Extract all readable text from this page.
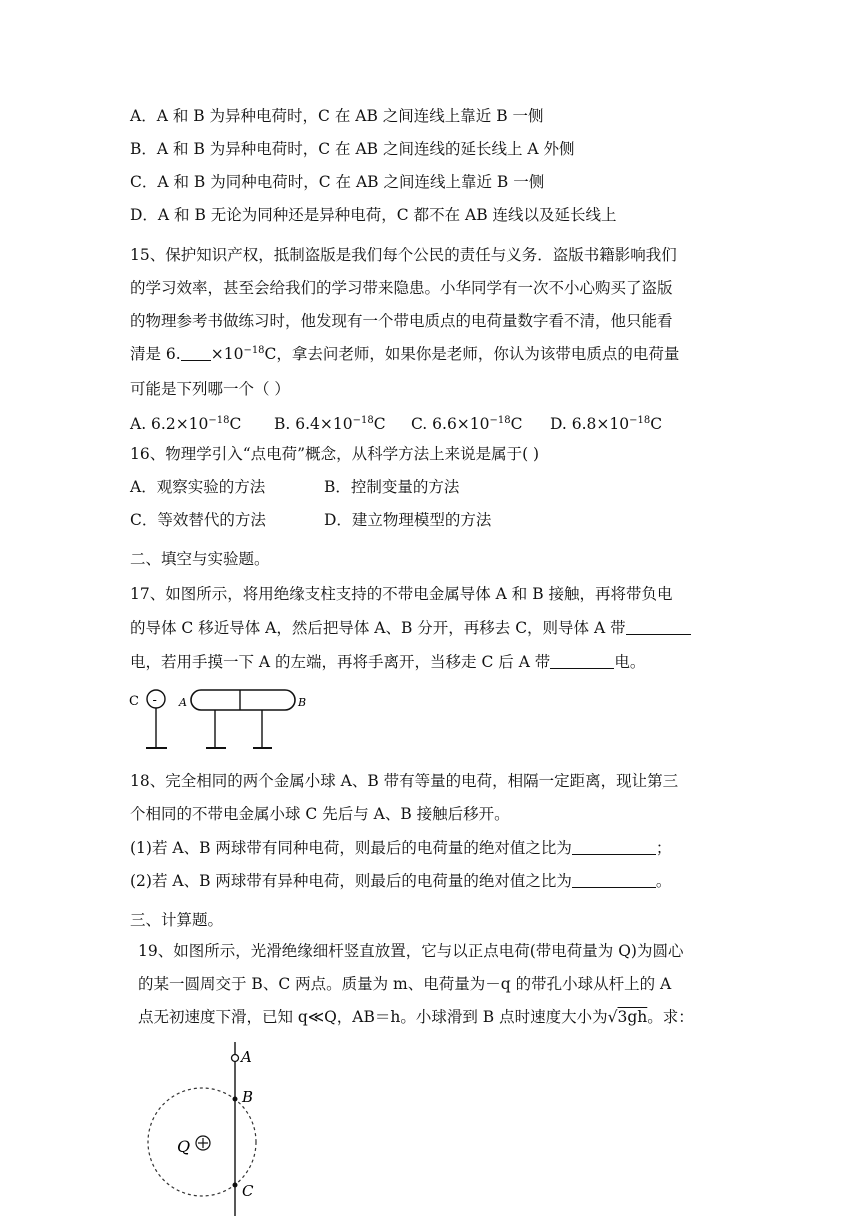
A．A 和 B 为异种电荷时，C 在 AB 之间连线上靠近 B 一侧
B．A 和 B 为异种电荷时，C 在 AB 之间连线的延长线上 A 外侧
C．A 和 B 为同种电荷时，C 在 AB 之间连线上靠近 B 一侧
D．A 和 B 无论为同种还是异种电荷，C 都不在 AB 连线以及延长线上
15、保护知识产权，抵制盗版是我们每个公民的责任与义务．盗版书籍影响我们
的学习效率，甚至会给我们的学习带来隐患。小华同学有一次不小心购买了盗版
的物理参考书做练习时，他发现有一个带电质点的电荷量数字看不清，他只能看
清是 6. $\times 10^{-18}C$，拿去问老师，如果你是老师，你认为该带电质点的电荷量
可能是下列哪一个（ ）
A. $6.2\times 10^{-18}C$ B. $6.4\times 10^{-18}C$ C. $6.6\times 10^{-18}C$ D. $6.8\times 10^{-18}C$
16、物理学引入“点电荷”概念，从科学方法上来说是属于( )
A．观察实验的方法	B．控制变量的方法
C．等效替代的方法	D．建立物理模型的方法
二、填空与实验题。
17、如图所示，将用绝缘支柱支持的不带电金属导体 A 和 B 接触，再将带负电
的导体 C 移近导体 A，然后把导体 A、B 分开，再移去 C，则导体 A 带
电，若用手摸一下 A 的左端，再将手离开，当移走 C 后 A 带	电。
C - A	B
18、完全相同的两个金属小球 A、B 带有等量的电荷，相隔一定距离，现让第三
个相同的不带电金属小球 C 先后与 A、B 接触后移开。
(1)若 A、B 两球带有同种电荷，则最后的电荷量的绝对值之比为	；
(2)若 A、B 两球带有异种电荷，则最后的电荷量的绝对值之比为	。
三、计算题。
19、如图所示，光滑绝缘细杆竖直放置，它与以正点电荷(带电荷量为 Q)为圆心
的某一圆周交于 B、C 两点。质量为 m、电荷量为－q 的带孔小球从杆上的 A
点无初速度下滑，已知 q≪Q，AB＝h。小球滑到 B 点时速度大小为√3gh。求：
A
B
C
Q
